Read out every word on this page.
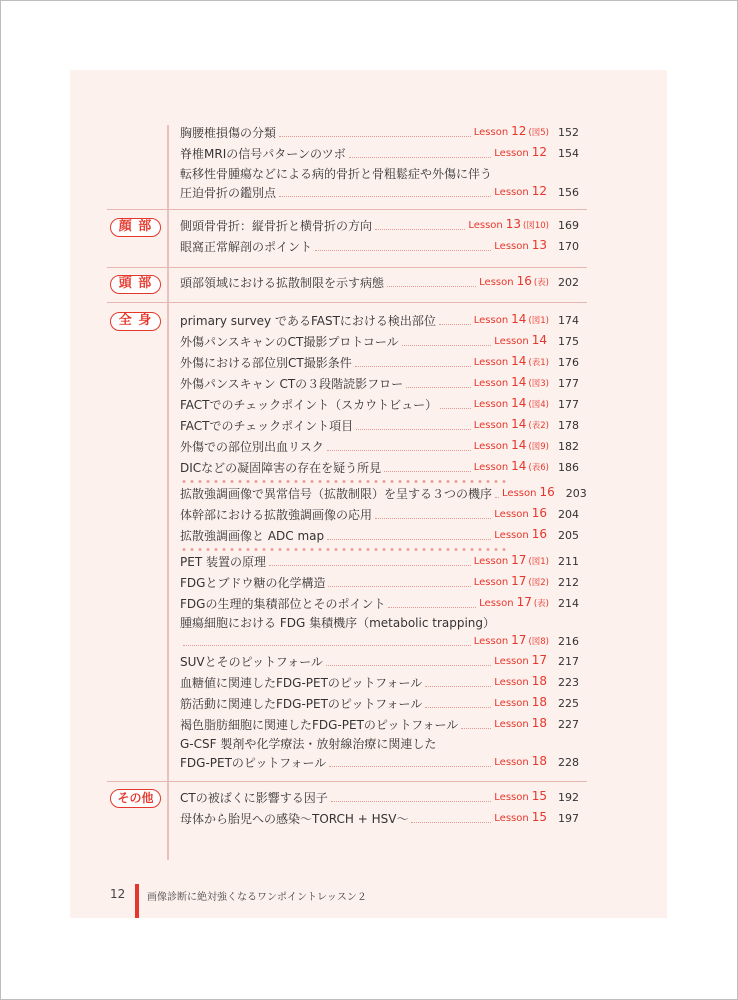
胸腰椎損傷の分類	Lesson 12 (図5) 152
脊椎MRIの信号パターンのツボ	Lesson 12	154
転移性骨腫瘍などによる病的骨折と骨粗鬆症や外傷に伴う
圧迫骨折の鑑別点	Lesson 12	156
顔 部	側頭骨骨折：縦骨折と横骨折の方向	Lesson 13 (図10) 169
眼窩正常解剖のポイント	Lesson 13	170
頭 部	頭部領域における拡散制限を示す病態	Lesson 16 (表) 202
全 身	primary survey であるFASTにおける検出部位	Lesson 14 (図1) 174
外傷パンスキャンのCT撮影プロトコール	Lesson 14	175
外傷における部位別CT撮影条件	Lesson 14 (表1) 176
外傷パンスキャン CTの３段階読影フロー	Lesson 14 (図3) 177
FACTでのチェックポイント（スカウトビュー）	Lesson 14 (図4) 177
FACTでのチェックポイント項目	Lesson 14 (表2) 178
外傷での部位別出血リスク	Lesson 14 (図9) 182
DICなどの凝固障害の存在を疑う所見	Lesson 14 (表6) 186
拡散強調画像で異常信号（拡散制限）を呈する３つの機序 Lesson 16	203
体幹部における拡散強調画像の応用	Lesson 16	204
拡散強調画像と ADC map	Lesson 16	205
PET 装置の原理	Lesson 17 (図1) 211
FDGとブドウ糖の化学構造	Lesson 17 (図2) 212
FDGの生理的集積部位とそのポイント	Lesson 17 (表) 214
腫瘍細胞における FDG 集積機序（metabolic trapping）
Lesson 17 (図8) 216
SUVとそのピットフォール	Lesson 17	217
血糖値に関連したFDG-PETのピットフォール	Lesson 18	223
筋活動に関連したFDG-PETのピットフォール	Lesson 18	225
褐色脂肪細胞に関連したFDG-PETのピットフォール	Lesson 18	227
G-CSF 製剤や化学療法・放射線治療に関連した
FDG-PETのピットフォール	Lesson 18	228
その他	CTの被ばくに影響する因子	Lesson 15	192
母体から胎児への感染〜TORCH + HSV〜	Lesson 15	197
12 画像診断に絶対強くなるワンポイントレッスン２
